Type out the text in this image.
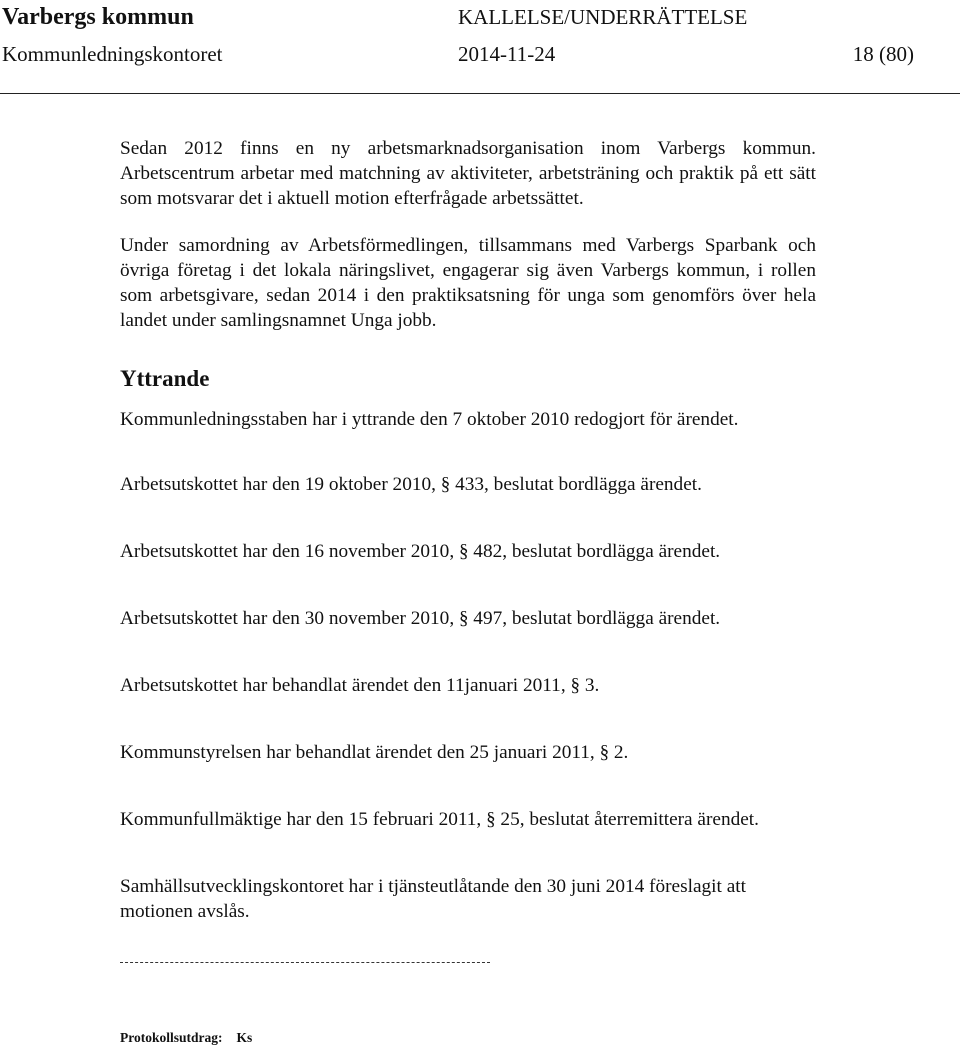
Varbergs kommun	KALLELSE/UNDERRÄTTELSE
Kommunledningskontoret	2014-11-24	18 (80)

Sedan 2012 finns en ny arbetsmarknadsorganisation inom Varbergs kommun. Arbetscentrum arbetar med matchning av aktiviteter, arbetsträning och praktik på ett sätt som motsvarar det i aktuell motion efterfrågade arbetssättet.

Under samordning av Arbetsförmedlingen, tillsammans med Varbergs Sparbank och övriga företag i det lokala näringslivet, engagerar sig även Varbergs kommun, i rollen som arbetsgivare, sedan 2014 i den praktiksatsning för unga som genomförs över hela landet under samlingsnamnet Unga jobb.

Yttrande
Kommunledningsstaben har i yttrande den 7 oktober 2010 redogjort för ärendet.
Arbetsutskottet har den 19 oktober 2010, § 433, beslutat bordlägga ärendet.
Arbetsutskottet har den 16 november 2010, § 482, beslutat bordlägga ärendet.
Arbetsutskottet har den 30 november 2010, § 497, beslutat bordlägga ärendet.
Arbetsutskottet har behandlat ärendet den 11januari 2011, § 3.
Kommunstyrelsen har behandlat ärendet den 25 januari 2011, § 2.
Kommunfullmäktige har den 15 februari 2011, § 25, beslutat återremittera ärendet.

Samhällsutvecklingskontoret har i tjänsteutlåtande den 30 juni 2014 föreslagit att motionen avslås.

Protokollsutdrag: Ks
